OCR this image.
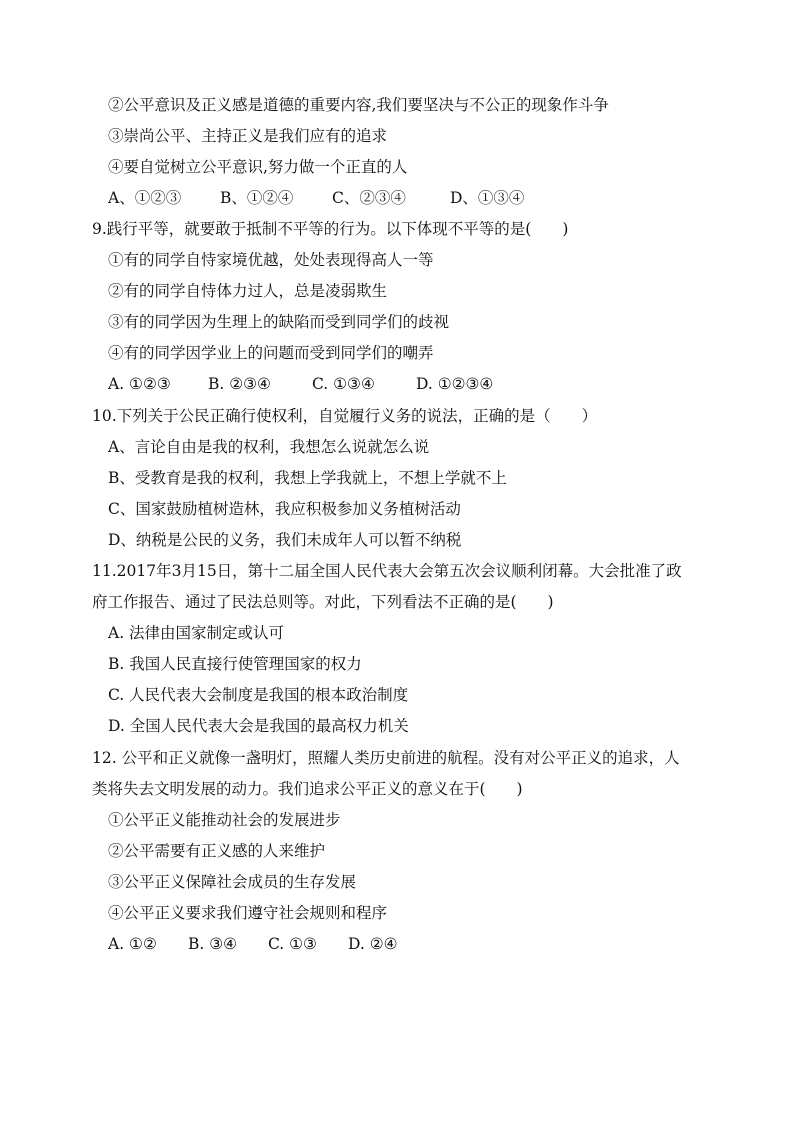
②公平意识及正义感是道德的重要内容,我们要坚决与不公正的现象作斗争
③崇尚公平、主持正义是我们应有的追求
④要自觉树立公平意识,努力做一个正直的人
A、①②③	B、①②④ C、②③④	D、①③④
9.践行平等，就要敢于抵制不平等的行为。以下体现不平等的是(　　)
①有的同学自恃家境优越，处处表现得高人一等
②有的同学自恃体力过人，总是凌弱欺生
③有的同学因为生理上的缺陷而受到同学们的歧视
④有的同学因学业上的问题而受到同学们的嘲弄
A. ①②③ B. ②③④	C. ①③④	D. ①②③④
10.下列关于公民正确行使权利，自觉履行义务的说法，正确的是（　　）
A、言论自由是我的权利，我想怎么说就怎么说
B、受教育是我的权利，我想上学我就上，不想上学就不上
C、国家鼓励植树造林，我应积极参加义务植树活动
D、纳税是公民的义务，我们未成年人可以暂不纳税
11.2017年3月15日，第十二届全国人民代表大会第五次会议顺利闭幕。大会批准了政
府工作报告、通过了民法总则等。对此，下列看法不正确的是(　　)
A. 法律由国家制定或认可
B. 我国人民直接行使管理国家的权力
C. 人民代表大会制度是我国的根本政治制度
D. 全国人民代表大会是我国的最高权力机关
12. 公平和正义就像一盏明灯，照耀人类历史前进的航程。没有对公平正义的追求，人
类将失去文明发展的动力。我们追求公平正义的意义在于(　　)
①公平正义能推动社会的发展进步
②公平需要有正义感的人来维护
③公平正义保障社会成员的生存发展
④公平正义要求我们遵守社会规则和程序
A. ①② B. ③④ C. ①③ D. ②④
